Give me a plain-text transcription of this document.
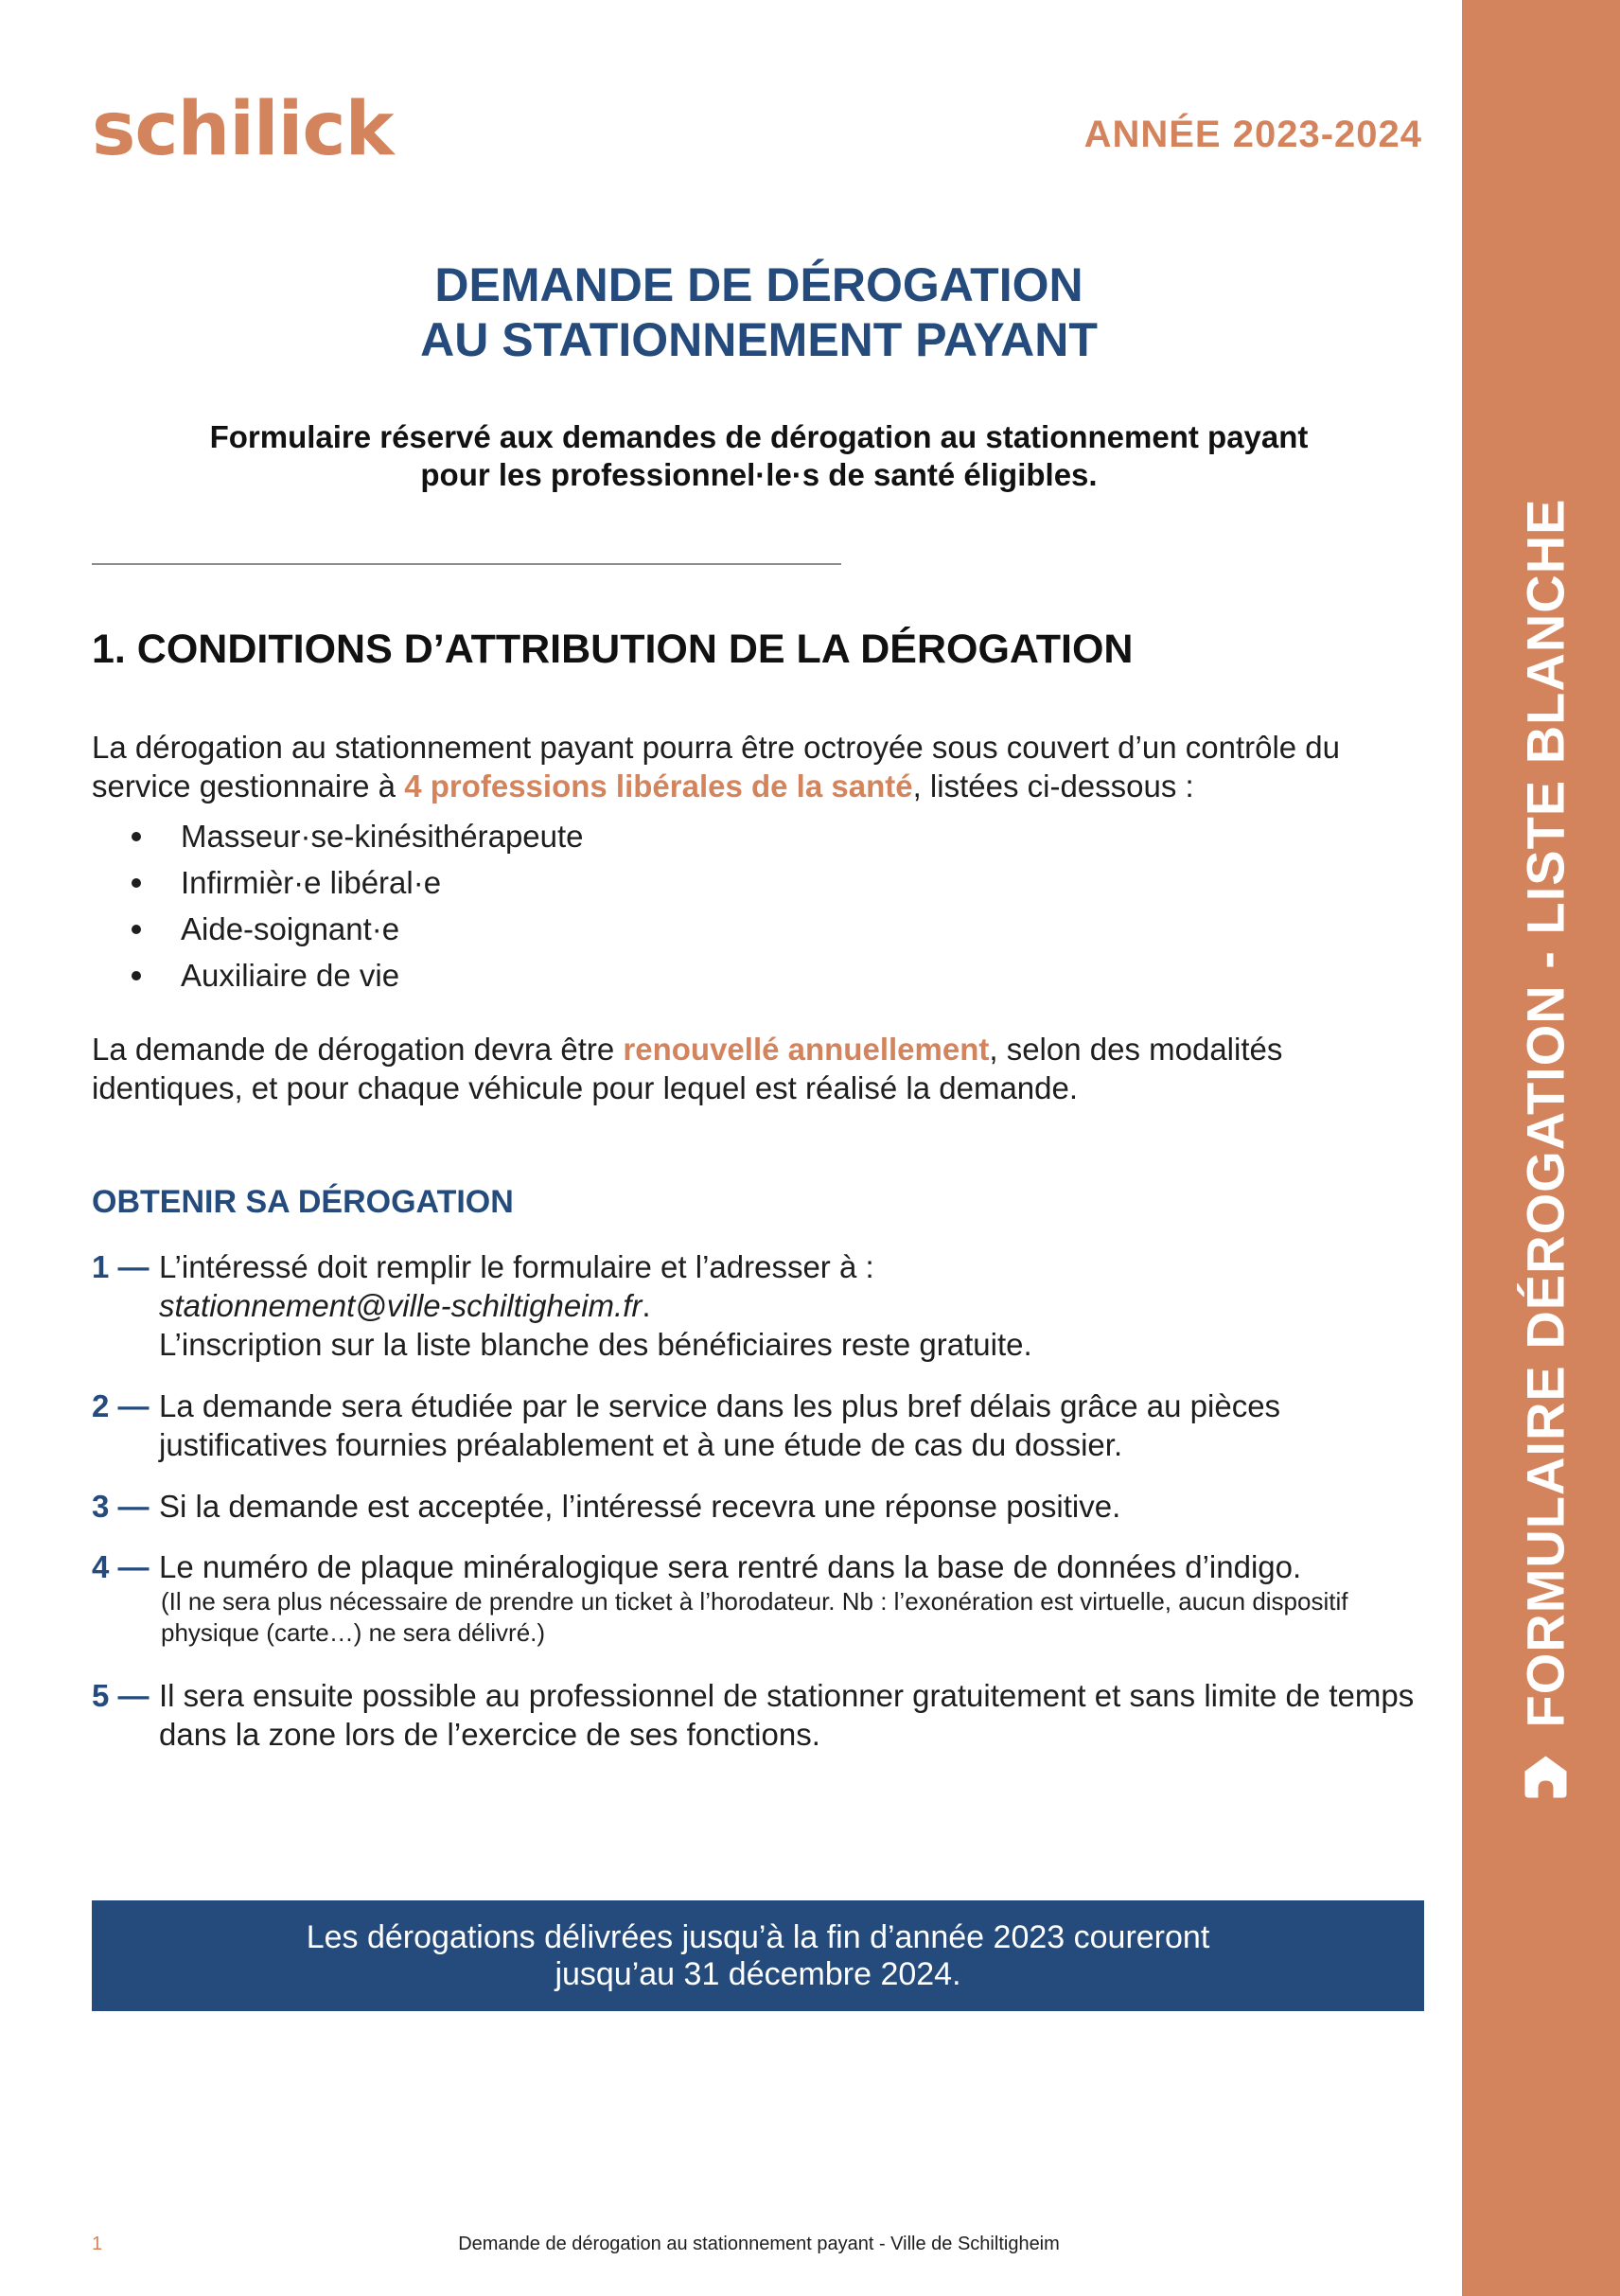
schilick	ANNÉE 2023-2024
DEMANDE DE DÉROGATION
AU STATIONNEMENT PAYANT
Formulaire réservé aux demandes de dérogation au stationnement payant
pour les professionnel·le·s de santé éligibles.
1. CONDITIONS D’ATTRIBUTION DE LA DÉROGATION
La dérogation au stationnement payant pourra être octroyée sous couvert d’un contrôle du service gestionnaire à 4 professions libérales de la santé, listées ci-dessous :
Masseur·se-kinésithérapeute
Infirmièr·e libéral·e
Aide-soignant·e
Auxiliaire de vie
La demande de dérogation devra être renouvellé annuellement, selon des modalités identiques, et pour chaque véhicule pour lequel est réalisé la demande.
OBTENIR SA DÉROGATION
1 — L’intéressé doit remplir le formulaire et l’adresser à :
stationnement@ville-schiltigheim.fr.
L’inscription sur la liste blanche des bénéficiaires reste gratuite.
2 — La demande sera étudiée par le service dans les plus bref délais grâce au pièces justificatives fournies préalablement et à une étude de cas du dossier.
3 — Si la demande est acceptée, l’intéressé recevra une réponse positive.
4 — Le numéro de plaque minéralogique sera rentré dans la base de données d’indigo.
(Il ne sera plus nécessaire de prendre un ticket à l’horodateur. Nb : l’exonération est virtuelle, aucun dispositif physique (carte…) ne sera délivré.)
5 — Il sera ensuite possible au professionnel de stationner gratuitement et sans limite de temps dans la zone lors de l’exercice de ses fonctions.
Les dérogations délivrées jusqu’à la fin d’année 2023 coureront
jusqu’au 31 décembre 2024.
1	Demande de dérogation au stationnement payant - Ville de Schiltigheim
FORMULAIRE DÉROGATION - LISTE BLANCHE
